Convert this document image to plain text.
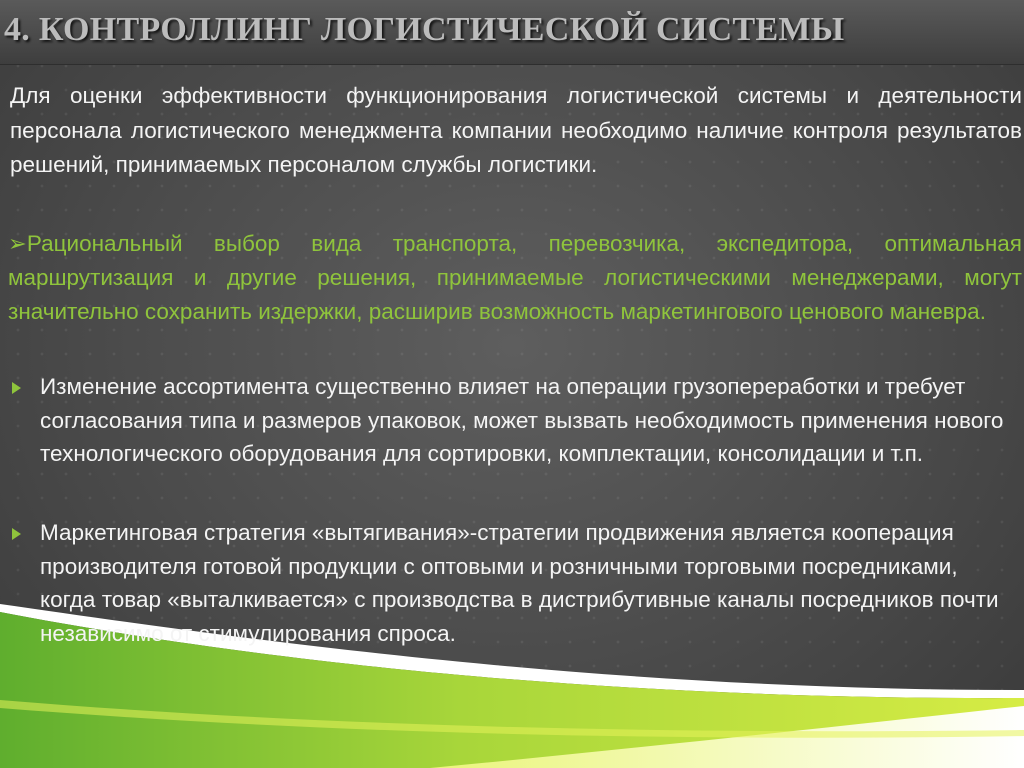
4. КОНТРОЛЛИНГ ЛОГИСТИЧЕСКОЙ СИСТЕМЫ

Для оценки эффективности функционирования логистической системы и деятельности персонала логистического менеджмента компании необходимо наличие контроля результатов решений, принимаемых персоналом службы логистики.

➢Рациональный выбор вида транспорта, перевозчика, экспедитора, оптимальная маршрутизация и другие решения, принимаемые логистическими менеджерами, могут значительно сохранить издержки, расширив возможность маркетингового ценового маневра.

Изменение ассортимента существенно влияет на операции грузопереработки и требует согласования типа и размеров упаковок, может вызвать необходимость применения нового технологического оборудования для сортировки, комплектации, консолидации и т.п.
Маркетинговая стратегия «вытягивания»-стратегии продвижения является кооперация производителя готовой продукции с оптовыми и розничными торговыми посредниками, когда товар «выталкивается» с производства в дистрибутивные каналы посредников почти независимо от стимулирования спроса.
